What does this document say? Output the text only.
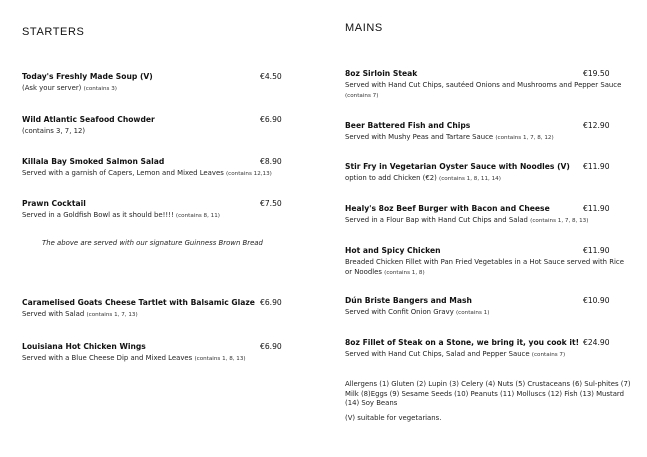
STARTERS
Today's Freshly Made Soup (V)	€4.50
(Ask your server) (contains 3)
Wild Atlantic Seafood Chowder	€6.90
(contains 3, 7, 12)
Killala Bay Smoked Salmon Salad	€8.90
Served with a garnish of Capers, Lemon and Mixed Leaves (contains 12,13)
Prawn Cocktail	€7.50
Served in a Goldfish Bowl as it should be!!!! (contains 8, 11)
The above are served with our signature Guinness Brown Bread
Caramelised Goats Cheese Tartlet with Balsamic Glaze €6.90
Served with Salad (contains 1, 7, 13)
Louisiana Hot Chicken Wings	€6.90
Served with a Blue Cheese Dip and Mixed Leaves (contains 1, 8, 13)
MAINS
8oz Sirloin Steak	€19.50
Served with Hand Cut Chips, sautéed Onions and Mushrooms and Pepper Sauce (contains 7)
Beer Battered Fish and Chips	€12.90
Served with Mushy Peas and Tartare Sauce (contains 1, 7, 8, 12)
Stir Fry in Vegetarian Oyster Sauce with Noodles (V) €11.90
option to add Chicken (€2) (contains 1, 8, 11, 14)
Healy's 8oz Beef Burger with Bacon and Cheese	€11.90
Served in a Flour Bap with Hand Cut Chips and Salad (contains 1, 7, 8, 13)
Hot and Spicy Chicken	€11.90
Breaded Chicken Fillet with Pan Fried Vegetables in a Hot Sauce served with Rice or Noodles (contains 1, 8)
Dún Briste Bangers and Mash	€10.90
Served with Confit Onion Gravy (contains 1)
8oz Fillet of Steak on a Stone, we bring it, you cook it! €24.90
Served with Hand Cut Chips, Salad and Pepper Sauce (contains 7)
Allergens (1) Gluten (2) Lupin (3) Celery (4) Nuts (5) Crustaceans (6) Sul-phites (7) Milk (8)Eggs (9) Sesame Seeds (10) Peanuts (11) Molluscs (12) Fish (13) Mustard (14) Soy Beans
(V) suitable for vegetarians.
